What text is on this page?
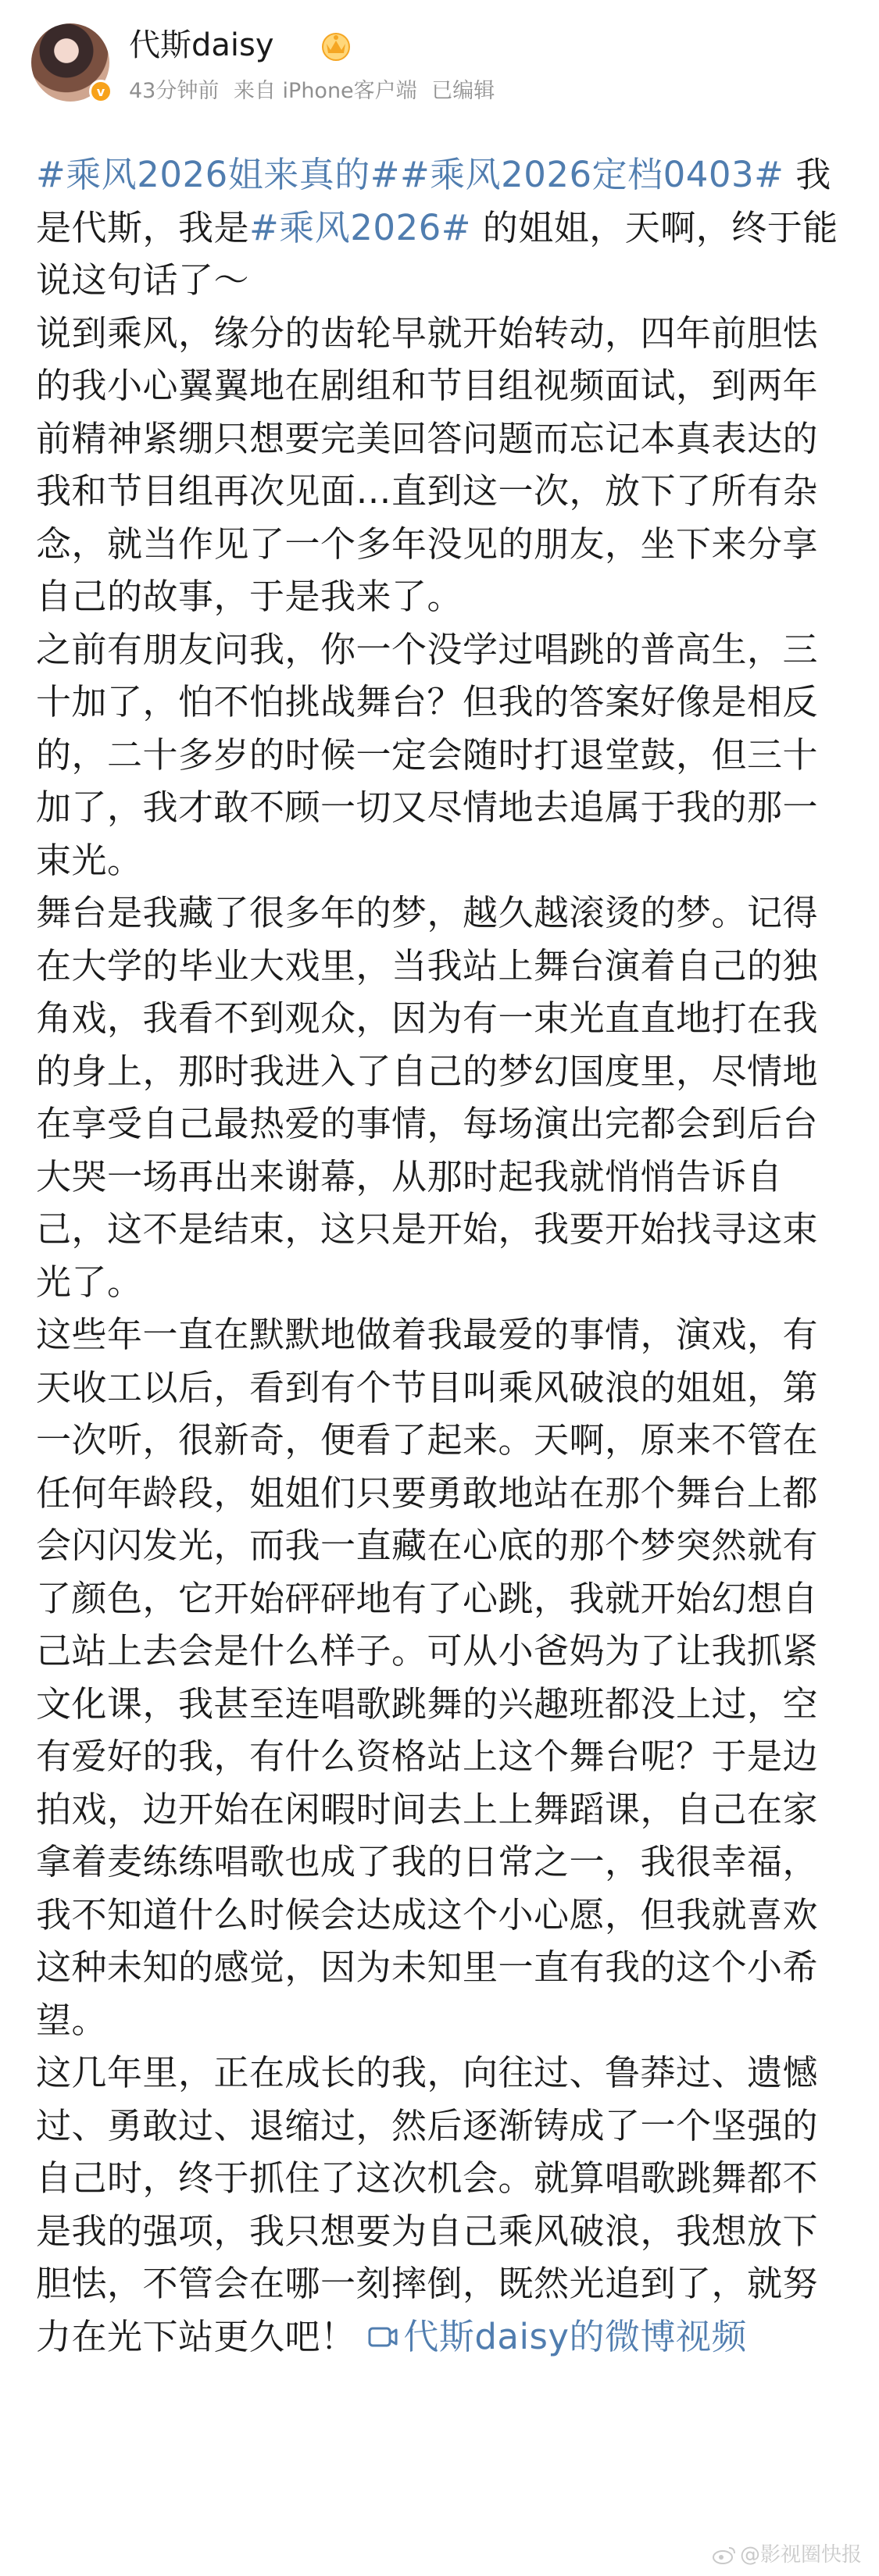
v
代斯daisy
43分钟前 来自 iPhone客户端 已编辑

#乘风2026姐来真的##乘风2026定档0403# 我是代斯，我是#乘风2026# 的姐姐，天啊，终于能说这句话了～

说到乘风，缘分的齿轮早就开始转动，四年前胆怯的我小心翼翼地在剧组和节目组视频面试，到两年前精神紧绷只想要完美回答问题而忘记本真表达的我和节目组再次见面…直到这一次，放下了所有杂念，就当作见了一个多年没见的朋友，坐下来分享自己的故事，于是我来了。

之前有朋友问我，你一个没学过唱跳的普高生，三十加了，怕不怕挑战舞台？但我的答案好像是相反的，二十多岁的时候一定会随时打退堂鼓，但三十加了，我才敢不顾一切又尽情地去追属于我的那一束光。

舞台是我藏了很多年的梦，越久越滚烫的梦。记得在大学的毕业大戏里，当我站上舞台演着自己的独角戏，我看不到观众，因为有一束光直直地打在我的身上，那时我进入了自己的梦幻国度里，尽情地在享受自己最热爱的事情，每场演出完都会到后台大哭一场再出来谢幕，从那时起我就悄悄告诉自己，这不是结束，这只是开始，我要开始找寻这束光了。

这些年一直在默默地做着我最爱的事情，演戏，有天收工以后，看到有个节目叫乘风破浪的姐姐，第一次听，很新奇，便看了起来。天啊，原来不管在任何年龄段，姐姐们只要勇敢地站在那个舞台上都会闪闪发光，而我一直藏在心底的那个梦突然就有了颜色，它开始砰砰地有了心跳，我就开始幻想自己站上去会是什么样子。可从小爸妈为了让我抓紧文化课，我甚至连唱歌跳舞的兴趣班都没上过，空有爱好的我，有什么资格站上这个舞台呢？于是边拍戏，边开始在闲暇时间去上上舞蹈课，自己在家拿着麦练练唱歌也成了我的日常之一，我很幸福，我不知道什么时候会达成这个小心愿，但我就喜欢这种未知的感觉，因为未知里一直有我的这个小希望。

这几年里，正在成长的我，向往过、鲁莽过、遗憾过、勇敢过、退缩过，然后逐渐铸成了一个坚强的自己时，终于抓住了这次机会。就算唱歌跳舞都不是我的强项，我只想要为自己乘风破浪，我想放下胆怯，不管会在哪一刻摔倒，既然光追到了，就努力在光下站更久吧！ 代斯daisy的微博视频

@影视圈快报
